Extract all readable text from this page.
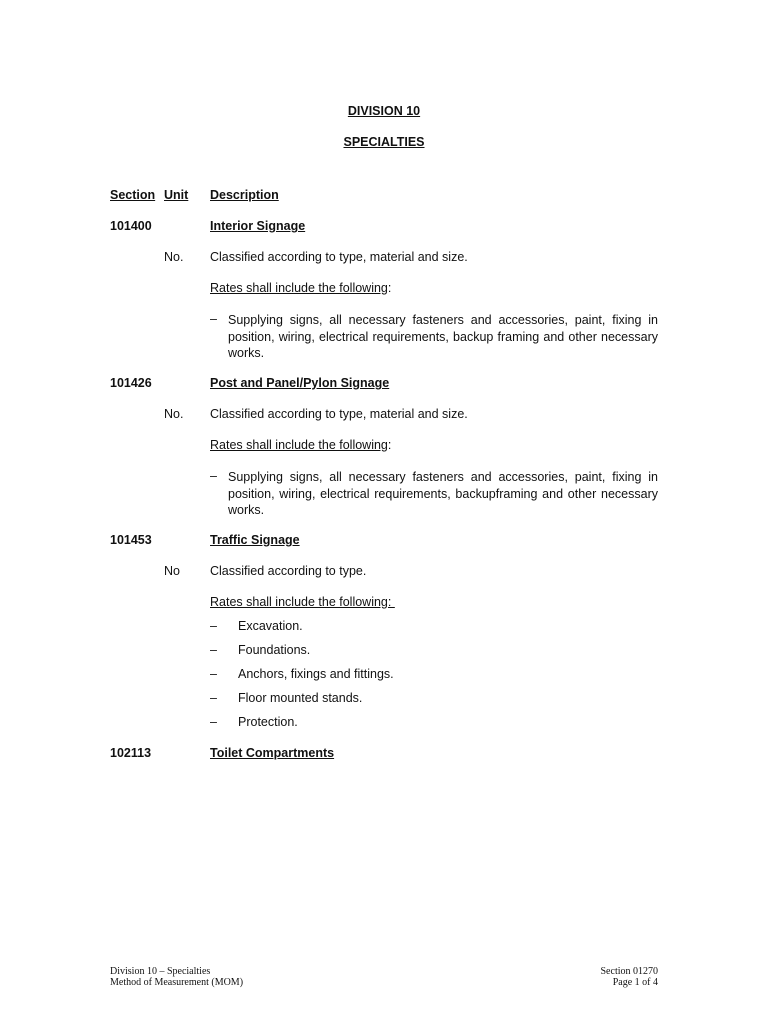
DIVISION 10
SPECIALTIES
Section Unit Description
101400	Interior Signage
No. Classified according to type, material and size.
Rates shall include the following:
– Supplying signs, all necessary fasteners and accessories, paint, fixing in position, wiring, electrical requirements, backup framing and other necessary works.
101426	Post and Panel/Pylon Signage
No. Classified according to type, material and size.
Rates shall include the following:
– Supplying signs, all necessary fasteners and accessories, paint, fixing in position, wiring, electrical requirements, backupframing and other necessary works.
101453	Traffic Signage
No Classified according to type.
Rates shall include the following:
– Excavation.
– Foundations.
– Anchors, fixings and fittings.
– Floor mounted stands.
– Protection.
102113	Toilet Compartments
Division 10 – Specialties
Method of Measurement (MOM)
Section 01270
Page 1 of 4
